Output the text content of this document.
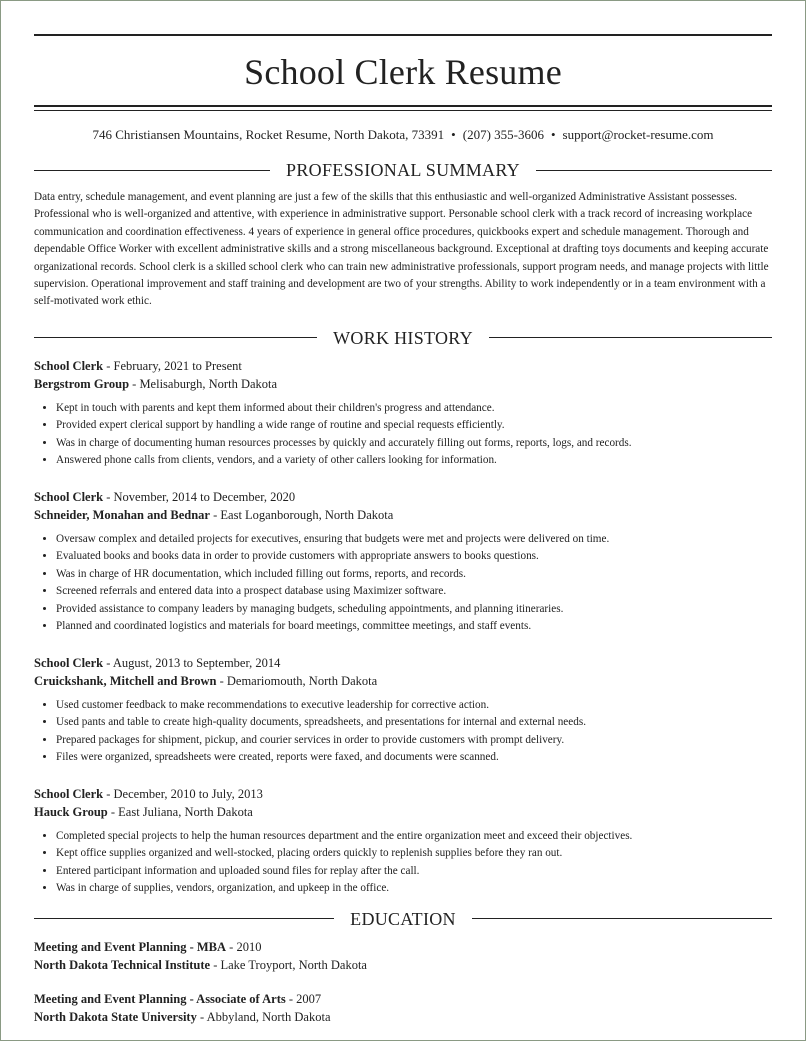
School Clerk Resume
746 Christiansen Mountains, Rocket Resume, North Dakota, 73391 • (207) 355-3606 • support@rocket-resume.com
PROFESSIONAL SUMMARY
Data entry, schedule management, and event planning are just a few of the skills that this enthusiastic and well-organized Administrative Assistant possesses. Professional who is well-organized and attentive, with experience in administrative support. Personable school clerk with a track record of increasing workplace communication and coordination effectiveness. 4 years of experience in general office procedures, quickbooks expert and schedule management. Thorough and dependable Office Worker with excellent administrative skills and a strong miscellaneous background. Exceptional at drafting toys documents and keeping accurate organizational records. School clerk is a skilled school clerk who can train new administrative professionals, support program needs, and manage projects with little supervision. Operational improvement and staff training and development are two of your strengths. Ability to work independently or in a team environment with a self-motivated work ethic.
WORK HISTORY
School Clerk - February, 2021 to Present
Bergstrom Group - Melisaburgh, North Dakota
• Kept in touch with parents and kept them informed about their children's progress and attendance.
• Provided expert clerical support by handling a wide range of routine and special requests efficiently.
• Was in charge of documenting human resources processes by quickly and accurately filling out forms, reports, logs, and records.
• Answered phone calls from clients, vendors, and a variety of other callers looking for information.
School Clerk - November, 2014 to December, 2020
Schneider, Monahan and Bednar - East Loganborough, North Dakota
• Oversaw complex and detailed projects for executives, ensuring that budgets were met and projects were delivered on time.
• Evaluated books and books data in order to provide customers with appropriate answers to books questions.
• Was in charge of HR documentation, which included filling out forms, reports, and records.
• Screened referrals and entered data into a prospect database using Maximizer software.
• Provided assistance to company leaders by managing budgets, scheduling appointments, and planning itineraries.
• Planned and coordinated logistics and materials for board meetings, committee meetings, and staff events.
School Clerk - August, 2013 to September, 2014
Cruickshank, Mitchell and Brown - Demariomouth, North Dakota
• Used customer feedback to make recommendations to executive leadership for corrective action.
• Used pants and table to create high-quality documents, spreadsheets, and presentations for internal and external needs.
• Prepared packages for shipment, pickup, and courier services in order to provide customers with prompt delivery.
• Files were organized, spreadsheets were created, reports were faxed, and documents were scanned.
School Clerk - December, 2010 to July, 2013
Hauck Group - East Juliana, North Dakota
• Completed special projects to help the human resources department and the entire organization meet and exceed their objectives.
• Kept office supplies organized and well-stocked, placing orders quickly to replenish supplies before they ran out.
• Entered participant information and uploaded sound files for replay after the call.
• Was in charge of supplies, vendors, organization, and upkeep in the office.
EDUCATION
Meeting and Event Planning - MBA - 2010
North Dakota Technical Institute - Lake Troyport, North Dakota
Meeting and Event Planning - Associate of Arts - 2007
North Dakota State University - Abbyland, North Dakota
